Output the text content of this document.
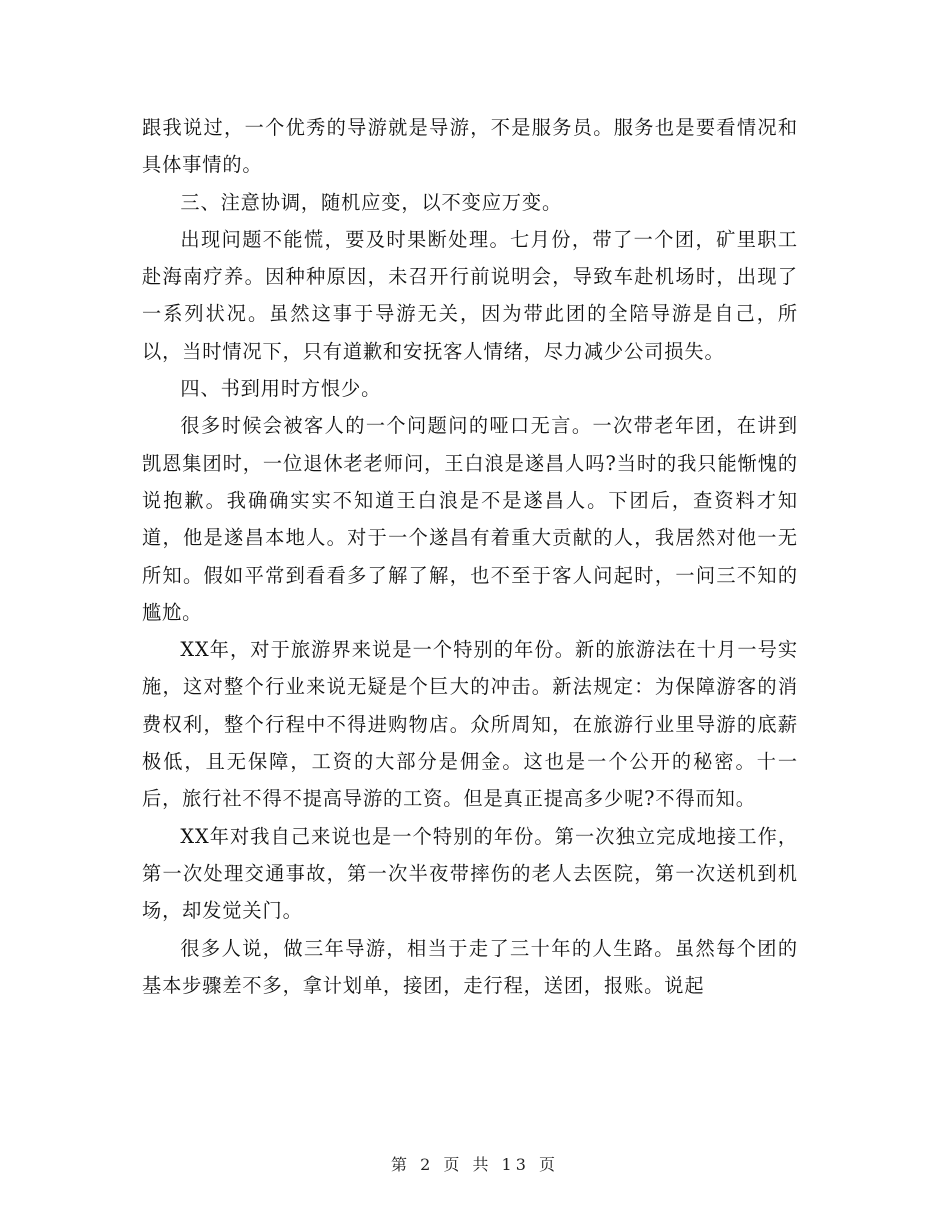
跟我说过，一个优秀的导游就是导游，不是服务员。服务也是要看情况和具体事情的。

三、注意协调，随机应变，以不变应万变。

出现问题不能慌，要及时果断处理。七月份，带了一个团，矿里职工赴海南疗养。因种种原因，未召开行前说明会，导致车赴机场时，出现了一系列状况。虽然这事于导游无关，因为带此团的全陪导游是自己，所以，当时情况下，只有道歉和安抚客人情绪，尽力减少公司损失。

四、书到用时方恨少。

很多时候会被客人的一个问题问的哑口无言。一次带老年团，在讲到凯恩集团时，一位退休老老师问，王白浪是遂昌人吗?当时的我只能惭愧的说抱歉。我确确实实不知道王白浪是不是遂昌人。下团后，查资料才知道，他是遂昌本地人。对于一个遂昌有着重大贡献的人，我居然对他一无所知。假如平常到看看多了解了解，也不至于客人问起时，一问三不知的尴尬。

XX年，对于旅游界来说是一个特别的年份。新的旅游法在十月一号实施，这对整个行业来说无疑是个巨大的冲击。新法规定：为保障游客的消费权利，整个行程中不得进购物店。众所周知，在旅游行业里导游的底薪极低，且无保障，工资的大部分是佣金。这也是一个公开的秘密。十一后，旅行社不得不提高导游的工资。但是真正提高多少呢?不得而知。

XX年对我自己来说也是一个特别的年份。第一次独立完成地接工作，第一次处理交通事故，第一次半夜带摔伤的老人去医院，第一次送机到机场，却发觉关门。

很多人说，做三年导游，相当于走了三十年的人生路。虽然每个团的基本步骤差不多，拿计划单，接团，走行程，送团，报账。说起

第 2 页 共 13 页
